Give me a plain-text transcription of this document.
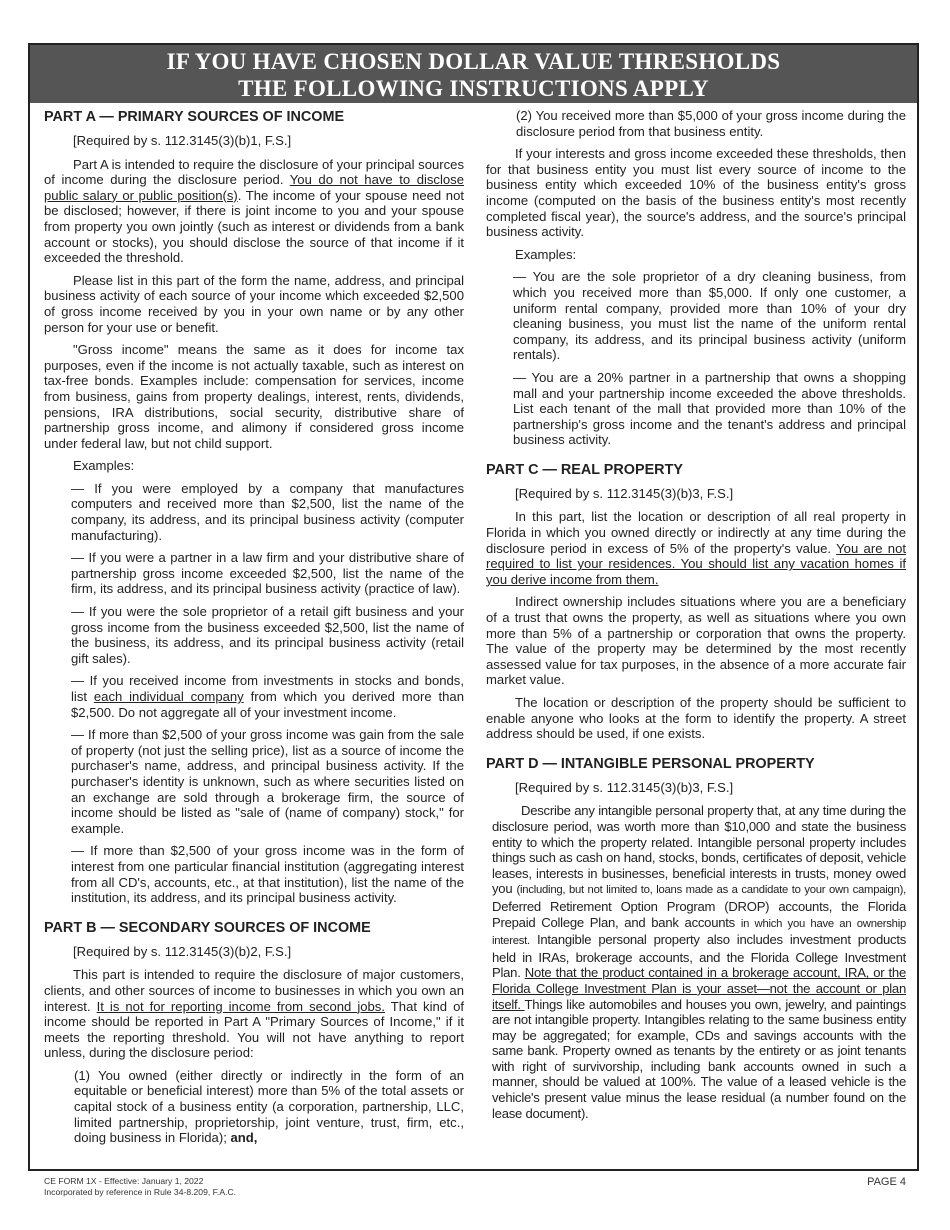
IF YOU HAVE CHOSEN DOLLAR VALUE THRESHOLDS
THE FOLLOWING INSTRUCTIONS APPLY
PART A — PRIMARY SOURCES OF INCOME

[Required by s. 112.3145(3)(b)1, F.S.]

Part A is intended to require the disclosure of your principal sources of income during the disclosure period. You do not have to disclose public salary or public position(s). The income of your spouse need not be disclosed; however, if there is joint income to you and your spouse from property you own jointly (such as interest or dividends from a bank account or stocks), you should disclose the source of that income if it exceeded the threshold.

Please list in this part of the form the name, address, and principal business activity of each source of your income which exceeded $2,500 of gross income received by you in your own name or by any other person for your use or benefit.

"Gross income" means the same as it does for income tax purposes, even if the income is not actually taxable, such as interest on tax-free bonds. Examples include: compensation for services, income from business, gains from property dealings, interest, rents, dividends, pensions, IRA distributions, social security, distributive share of partnership gross income, and alimony if considered gross income under federal law, but not child support.

Examples:

— If you were employed by a company that manufactures computers and received more than $2,500, list the name of the company, its address, and its principal business activity (computer manufacturing).

— If you were a partner in a law firm and your distributive share of partnership gross income exceeded $2,500, list the name of the firm, its address, and its principal business activity (practice of law).

— If you were the sole proprietor of a retail gift business and your gross income from the business exceeded $2,500, list the name of the business, its address, and its principal business activity (retail gift sales).

— If you received income from investments in stocks and bonds, list each individual company from which you derived more than $2,500. Do not aggregate all of your investment income.

— If more than $2,500 of your gross income was gain from the sale of property (not just the selling price), list as a source of income the purchaser's name, address, and principal business activity. If the purchaser's identity is unknown, such as where securities listed on an exchange are sold through a brokerage firm, the source of income should be listed as "sale of (name of company) stock," for example.

— If more than $2,500 of your gross income was in the form of interest from one particular financial institution (aggregating interest from all CD's, accounts, etc., at that institution), list the name of the institution, its address, and its principal business activity.

PART B — SECONDARY SOURCES OF INCOME

[Required by s. 112.3145(3)(b)2, F.S.]

This part is intended to require the disclosure of major customers, clients, and other sources of income to businesses in which you own an interest. It is not for reporting income from second jobs. That kind of income should be reported in Part A "Primary Sources of Income," if it meets the reporting threshold. You will not have anything to report unless, during the disclosure period:

(1) You owned (either directly or indirectly in the form of an equitable or beneficial interest) more than 5% of the total assets or capital stock of a business entity (a corporation, partnership, LLC, limited partnership, proprietorship, joint venture, trust, firm, etc., doing business in Florida); and,

(2) You received more than $5,000 of your gross income during the disclosure period from that business entity.

If your interests and gross income exceeded these thresholds, then for that business entity you must list every source of income to the business entity which exceeded 10% of the business entity's gross income (computed on the basis of the business entity's most recently completed fiscal year), the source's address, and the source's principal business activity.

Examples:

— You are the sole proprietor of a dry cleaning business, from which you received more than $5,000. If only one customer, a uniform rental company, provided more than 10% of your dry cleaning business, you must list the name of the uniform rental company, its address, and its principal business activity (uniform rentals).

— You are a 20% partner in a partnership that owns a shopping mall and your partnership income exceeded the above thresholds. List each tenant of the mall that provided more than 10% of the partnership's gross income and the tenant's address and principal business activity.

PART C — REAL PROPERTY

[Required by s. 112.3145(3)(b)3, F.S.]

In this part, list the location or description of all real property in Florida in which you owned directly or indirectly at any time during the disclosure period in excess of 5% of the property's value. You are not required to list your residences. You should list any vacation homes if you derive income from them.

Indirect ownership includes situations where you are a beneficiary of a trust that owns the property, as well as situations where you own more than 5% of a partnership or corporation that owns the property. The value of the property may be determined by the most recently assessed value for tax purposes, in the absence of a more accurate fair market value.

The location or description of the property should be sufficient to enable anyone who looks at the form to identify the property. A street address should be used, if one exists.

PART D — INTANGIBLE PERSONAL PROPERTY

[Required by s. 112.3145(3)(b)3, F.S.]

Describe any intangible personal property that, at any time during the disclosure period, was worth more than $10,000 and state the business entity to which the property related. Intangible personal property includes things such as cash on hand, stocks, bonds, certificates of deposit, vehicle leases, interests in businesses, beneficial interests in trusts, money owed you (including, but not limited to, loans made as a candidate to your own campaign), Deferred Retirement Option Program (DROP) accounts, the Florida Prepaid College Plan, and bank accounts in which you have an ownership interest. Intangible personal property also includes investment products held in IRAs, brokerage accounts, and the Florida College Investment Plan. Note that the product contained in a brokerage account, IRA, or the Florida College Investment Plan is your asset—not the account or plan itself. Things like automobiles and houses you own, jewelry, and paintings are not intangible property. Intangibles relating to the same business entity may be aggregated; for example, CDs and savings accounts with the same bank. Property owned as tenants by the entirety or as joint tenants with right of survivorship, including bank accounts owned in such a manner, should be valued at 100%. The value of a leased vehicle is the vehicle's present value minus the lease residual (a number found on the lease document).

CE FORM 1X - Effective: January 1, 2022
Incorporated by reference in Rule 34-8.209, F.A.C.
PAGE 4
